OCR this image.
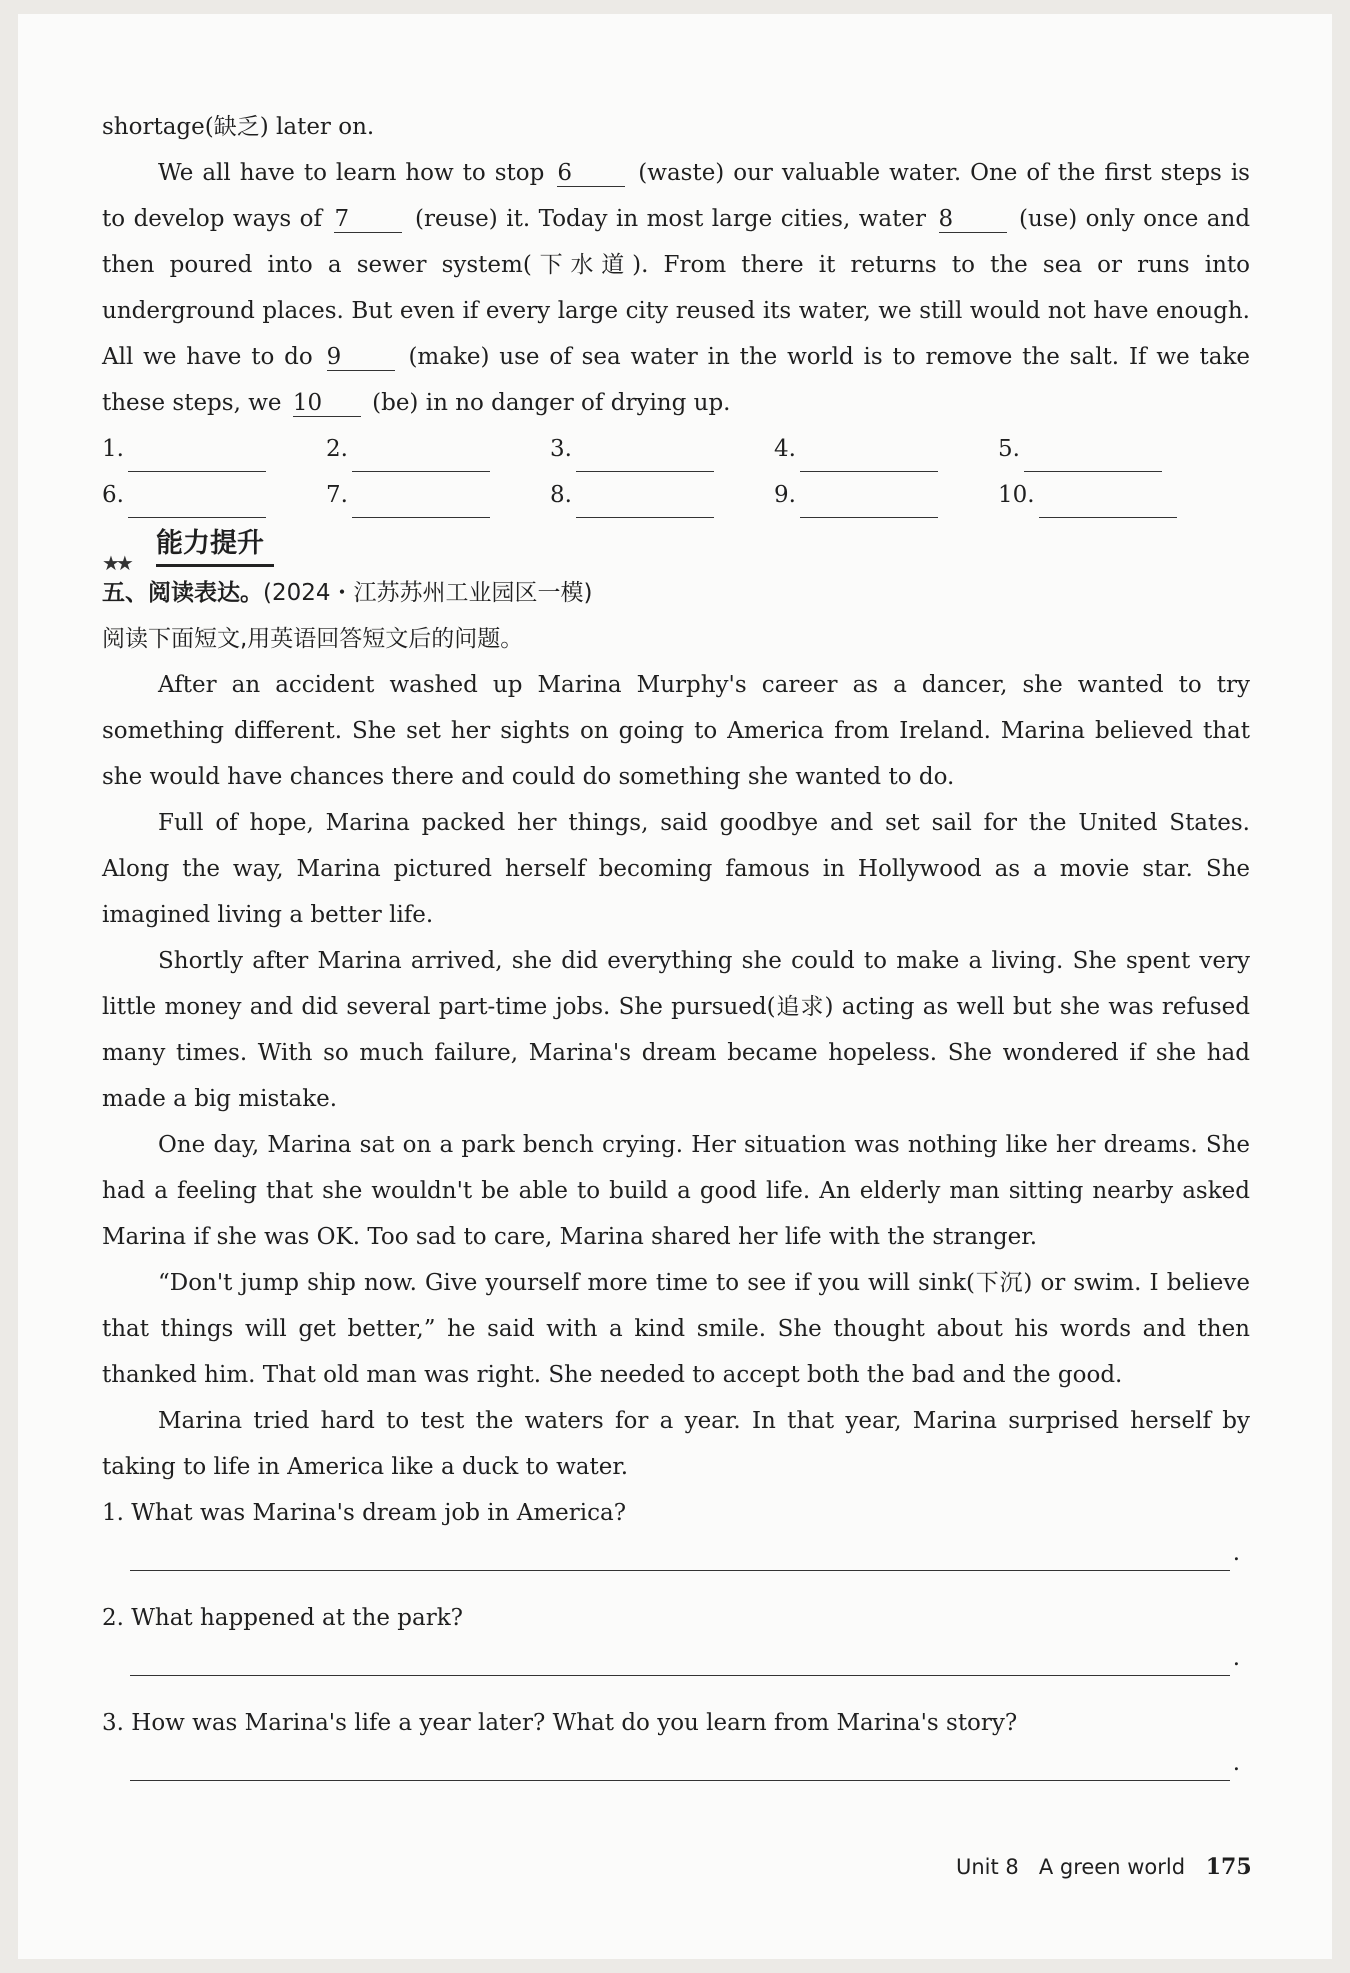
shortage(缺乏) later on.

We all have to learn how to stop 6	(waste) our valuable water. One of the first steps is to develop ways of 7	(reuse) it. Today in most large cities, water 8	(use) only once and then poured into a sewer system(下水道). From there it returns to the sea or runs into underground places. But even if every large city reused its water, we still would not have enough. All we have to do 9	(make) use of sea water in the world is to remove the salt. If we take these steps, we 10 (be) in no danger of drying up.

1.	2.	3.	4.	5.
6.	7.	8.	9.	10.
★★
能力提升

五、阅读表达。(2024・江苏苏州工业园区一模)

阅读下面短文,用英语回答短文后的问题。

After an accident washed up Marina Murphy's career as a dancer, she wanted to try something different. She set her sights on going to America from Ireland. Marina believed that she would have chances there and could do something she wanted to do.

Full of hope, Marina packed her things, said goodbye and set sail for the United States. Along the way, Marina pictured herself becoming famous in Hollywood as a movie star. She imagined living a better life.

Shortly after Marina arrived, she did everything she could to make a living. She spent very little money and did several part-time jobs. She pursued(追求) acting as well but she was refused many times. With so much failure, Marina's dream became hopeless. She wondered if she had made a big mistake.

One day, Marina sat on a park bench crying. Her situation was nothing like her dreams. She had a feeling that she wouldn't be able to build a good life. An elderly man sitting nearby asked Marina if she was OK. Too sad to care, Marina shared her life with the stranger.

“Don't jump ship now. Give yourself more time to see if you will sink(下沉) or swim. I believe that things will get better,” he said with a kind smile. She thought about his words and then thanked him. That old man was right. She needed to accept both the bad and the good.

Marina tried hard to test the waters for a year. In that year, Marina surprised herself by taking to life in America like a duck to water.

1. What was Marina's dream job in America?

.

2. What happened at the park?

.

3. How was Marina's life a year later? What do you learn from Marina's story?

.
Unit 8 A green world 175
